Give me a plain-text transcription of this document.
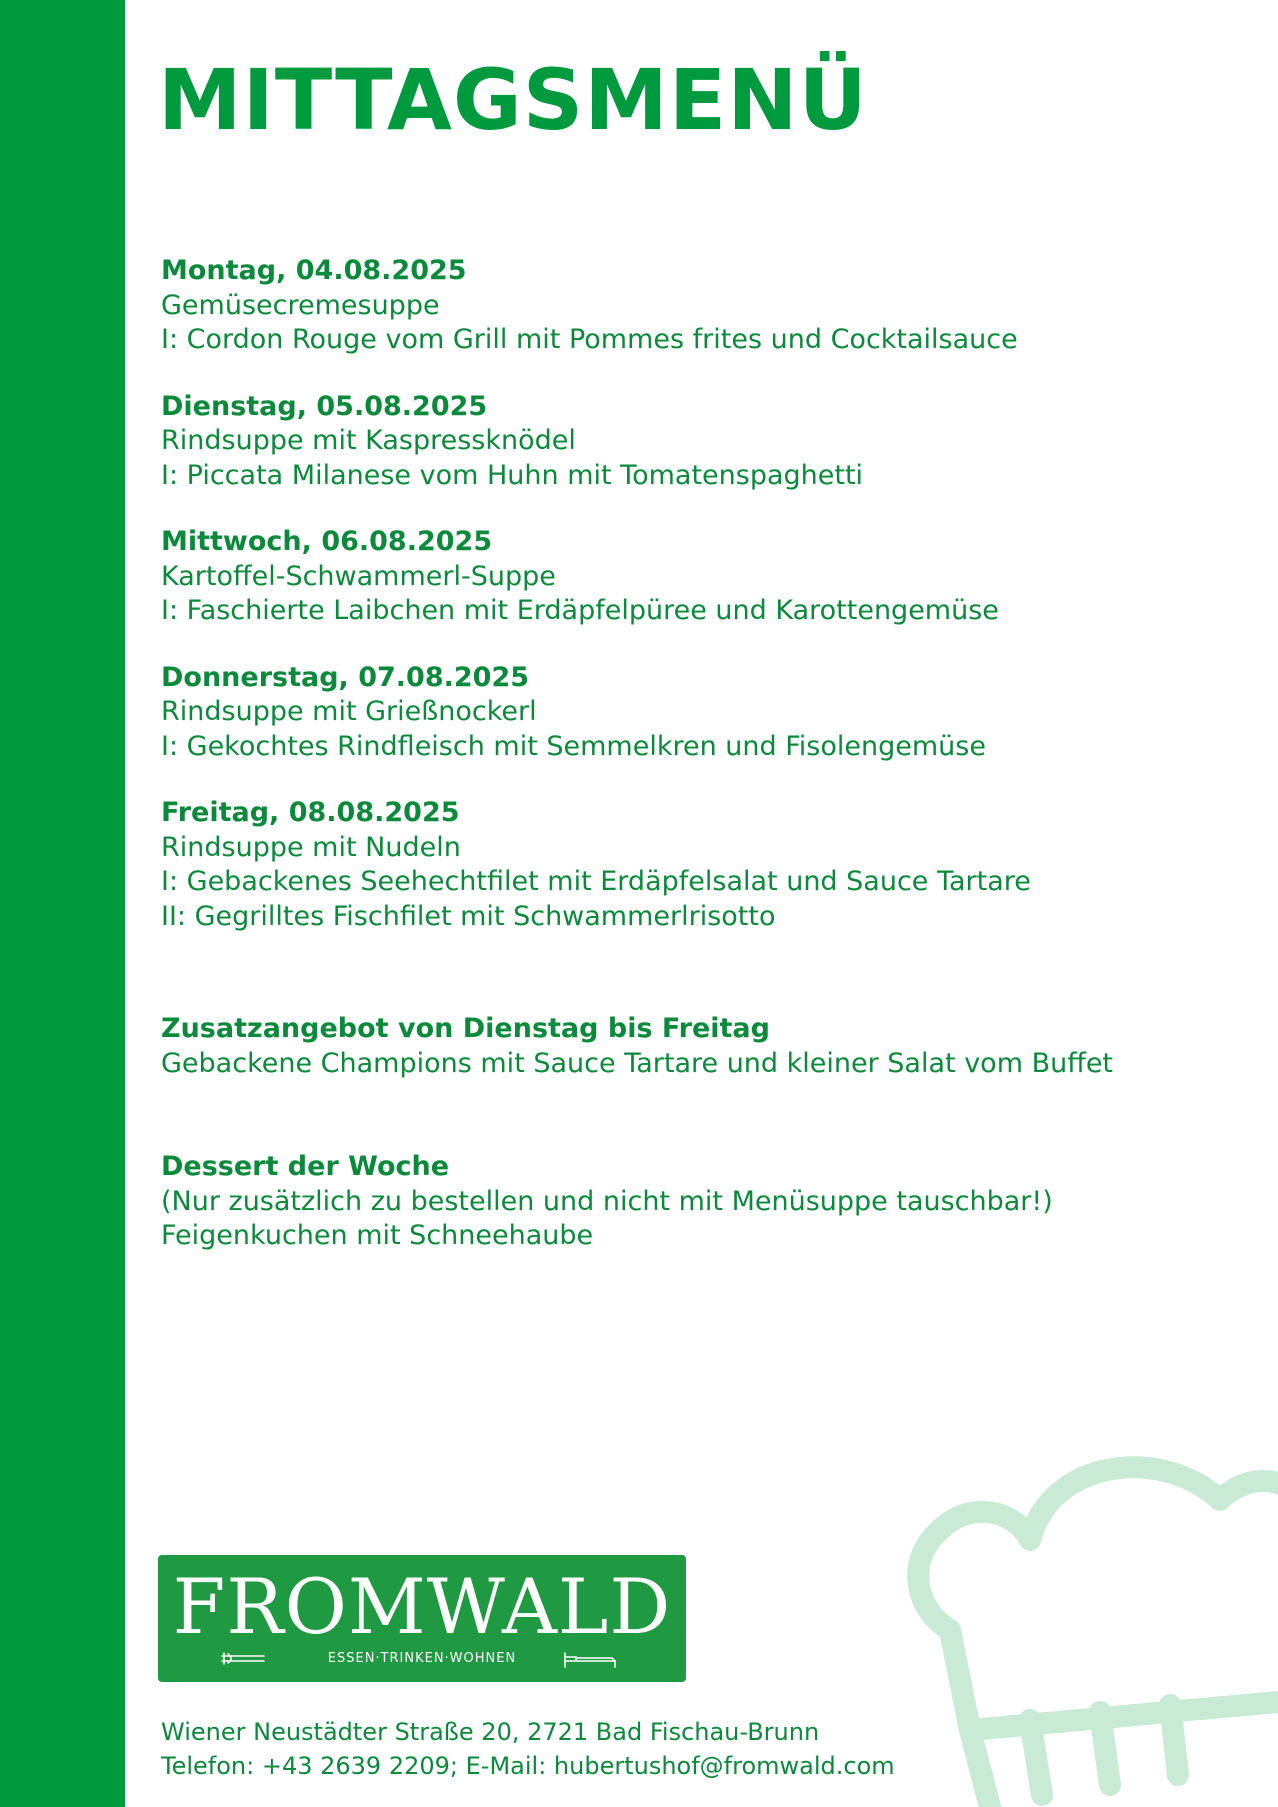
MITTAGSMENÜ
Montag, 04.08.2025
Gemüsecremesuppe
I: Cordon Rouge vom Grill mit Pommes frites und Cocktailsauce
Dienstag, 05.08.2025
Rindsuppe mit Kaspressknödel
I: Piccata Milanese vom Huhn mit Tomatenspaghetti
Mittwoch, 06.08.2025
Kartoffel-Schwammerl-Suppe
I: Faschierte Laibchen mit Erdäpfelpüree und Karottengemüse
Donnerstag, 07.08.2025
Rindsuppe mit Grießnockerl
I: Gekochtes Rindfleisch mit Semmelkren und Fisolengemüse
Freitag, 08.08.2025
Rindsuppe mit Nudeln
I: Gebackenes Seehechtfilet mit Erdäpfelsalat und Sauce Tartare
II: Gegrilltes Fischfilet mit Schwammerlrisotto
Zusatzangebot von Dienstag bis Freitag
Gebackene Champions mit Sauce Tartare und kleiner Salat vom Buffet
Dessert der Woche
(Nur zusätzlich zu bestellen und nicht mit Menüsuppe tauschbar!)
Feigenkuchen mit Schneehaube
FROMWALD
ESSEN·TRINKEN·WOHNEN
Wiener Neustädter Straße 20, 2721 Bad Fischau-Brunn
Telefon: +43 2639 2209; E-Mail: hubertushof@fromwald.com
